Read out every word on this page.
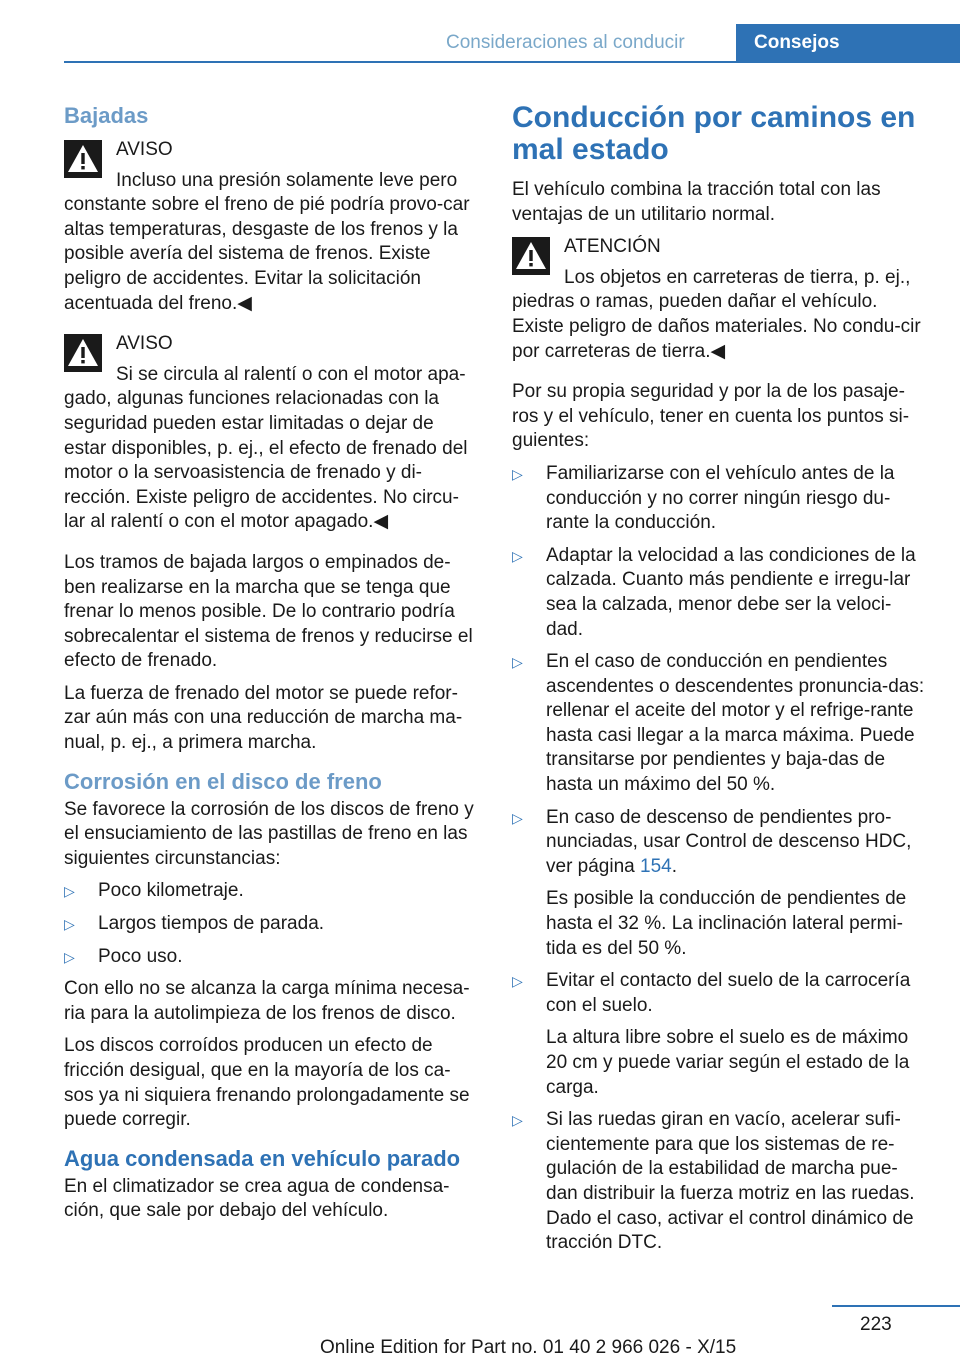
Consideraciones al conducir	Consejos
Bajadas
AVISO
Incluso una presión solamente leve pero constante sobre el freno de pié podría provo-car altas temperaturas, desgaste de los frenos y la posible avería del sistema de frenos. Existe peligro de accidentes. Evitar la solicitación acentuada del freno.◀
AVISO
Si se circula al ralentí o con el motor apa-gado, algunas funciones relacionadas con la seguridad pueden estar limitadas o dejar de estar disponibles, p. ej., el efecto de frenado del motor o la servoasistencia de frenado y di-rección. Existe peligro de accidentes. No circu-lar al ralentí o con el motor apagado.◀

Los tramos de bajada largos o empinados de-ben realizarse en la marcha que se tenga que frenar lo menos posible. De lo contrario podría sobrecalentar el sistema de frenos y reducirse el efecto de frenado.

La fuerza de frenado del motor se puede refor-zar aún más con una reducción de marcha ma-nual, p. ej., a primera marcha.

Corrosión en el disco de freno

Se favorece la corrosión de los discos de freno y el ensuciamiento de las pastillas de freno en las siguientes circunstancias:

▷ Poco kilometraje.
▷ Largos tiempos de parada.
▷ Poco uso.

Con ello no se alcanza la carga mínima necesa-ria para la autolimpieza de los frenos de disco.

Los discos corroídos producen un efecto de fricción desigual, que en la mayoría de los ca-sos ya ni siquiera frenando prolongadamente se puede corregir.

Agua condensada en vehículo parado

En el climatizador se crea agua de condensa-ción, que sale por debajo del vehículo.

Conducción por caminos en mal estado

El vehículo combina la tracción total con las ventajas de un utilitario normal.

ATENCIÓN
Los objetos en carreteras de tierra, p. ej., piedras o ramas, pueden dañar el vehículo. Existe peligro de daños materiales. No condu-cir por carreteras de tierra.◀

Por su propia seguridad y por la de los pasaje-ros y el vehículo, tener en cuenta los puntos si-guientes:

▷ Familiarizarse con el vehículo antes de la conducción y no correr ningún riesgo du-rante la conducción.
▷ Adaptar la velocidad a las condiciones de la calzada. Cuanto más pendiente e irregu-lar sea la calzada, menor debe ser la veloci-dad.
▷ En el caso de conducción en pendientes ascendentes o descendentes pronuncia-das: rellenar el aceite del motor y el refrige-rante hasta casi llegar a la marca máxima. Puede transitarse por pendientes y baja-das de hasta un máximo del 50 %.
▷ En caso de descenso de pendientes pro-nunciadas, usar Control de descenso HDC, ver página 154.
Es posible la conducción de pendientes de hasta el 32 %. La inclinación lateral permi-tida es del 50 %.
▷ Evitar el contacto del suelo de la carrocería con el suelo.
La altura libre sobre el suelo es de máximo 20 cm y puede variar según el estado de la carga.
▷ Si las ruedas giran en vacío, acelerar sufi-cientemente para que los sistemas de re-gulación de la estabilidad de marcha pue-dan distribuir la fuerza motriz en las ruedas. Dado el caso, activar el control dinámico de tracción DTC.
223
Online Edition for Part no. 01 40 2 966 026 - X/15
